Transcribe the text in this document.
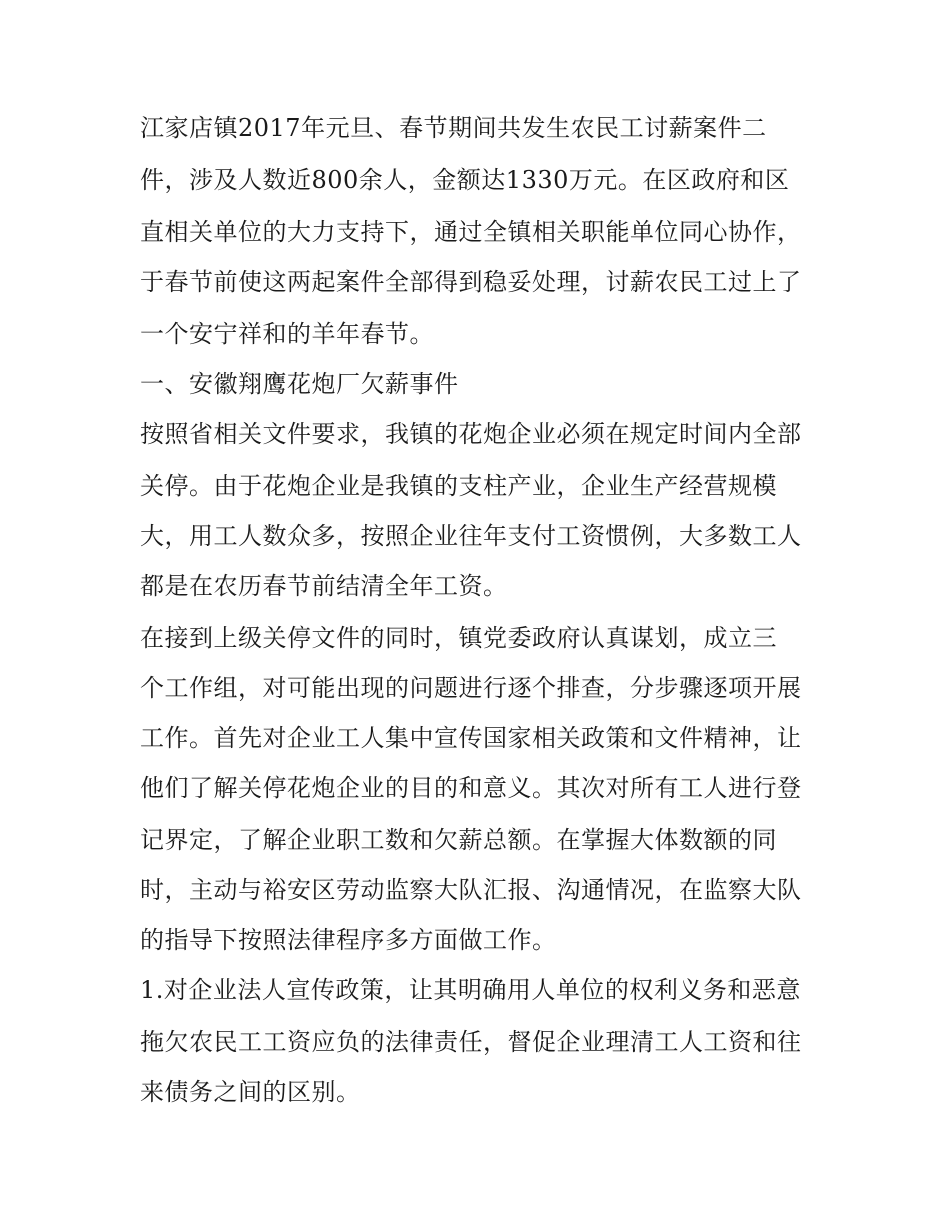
江家店镇2017年元旦、春节期间共发生农民工讨薪案件二
件，涉及人数近800余人，金额达1330万元。在区政府和区
直相关单位的大力支持下，通过全镇相关职能单位同心协作，
于春节前使这两起案件全部得到稳妥处理，讨薪农民工过上了
一个安宁祥和的羊年春节。
一、安徽翔鹰花炮厂欠薪事件
按照省相关文件要求，我镇的花炮企业必须在规定时间内全部
关停。由于花炮企业是我镇的支柱产业，企业生产经营规模
大，用工人数众多，按照企业往年支付工资惯例，大多数工人
都是在农历春节前结清全年工资。
在接到上级关停文件的同时，镇党委政府认真谋划，成立三
个工作组，对可能出现的问题进行逐个排查，分步骤逐项开展
工作。首先对企业工人集中宣传国家相关政策和文件精神，让
他们了解关停花炮企业的目的和意义。其次对所有工人进行登
记界定，了解企业职工数和欠薪总额。在掌握大体数额的同
时，主动与裕安区劳动监察大队汇报、沟通情况，在监察大队
的指导下按照法律程序多方面做工作。
1.对企业法人宣传政策，让其明确用人单位的权利义务和恶意
拖欠农民工工资应负的法律责任，督促企业理清工人工资和往
来债务之间的区别。
